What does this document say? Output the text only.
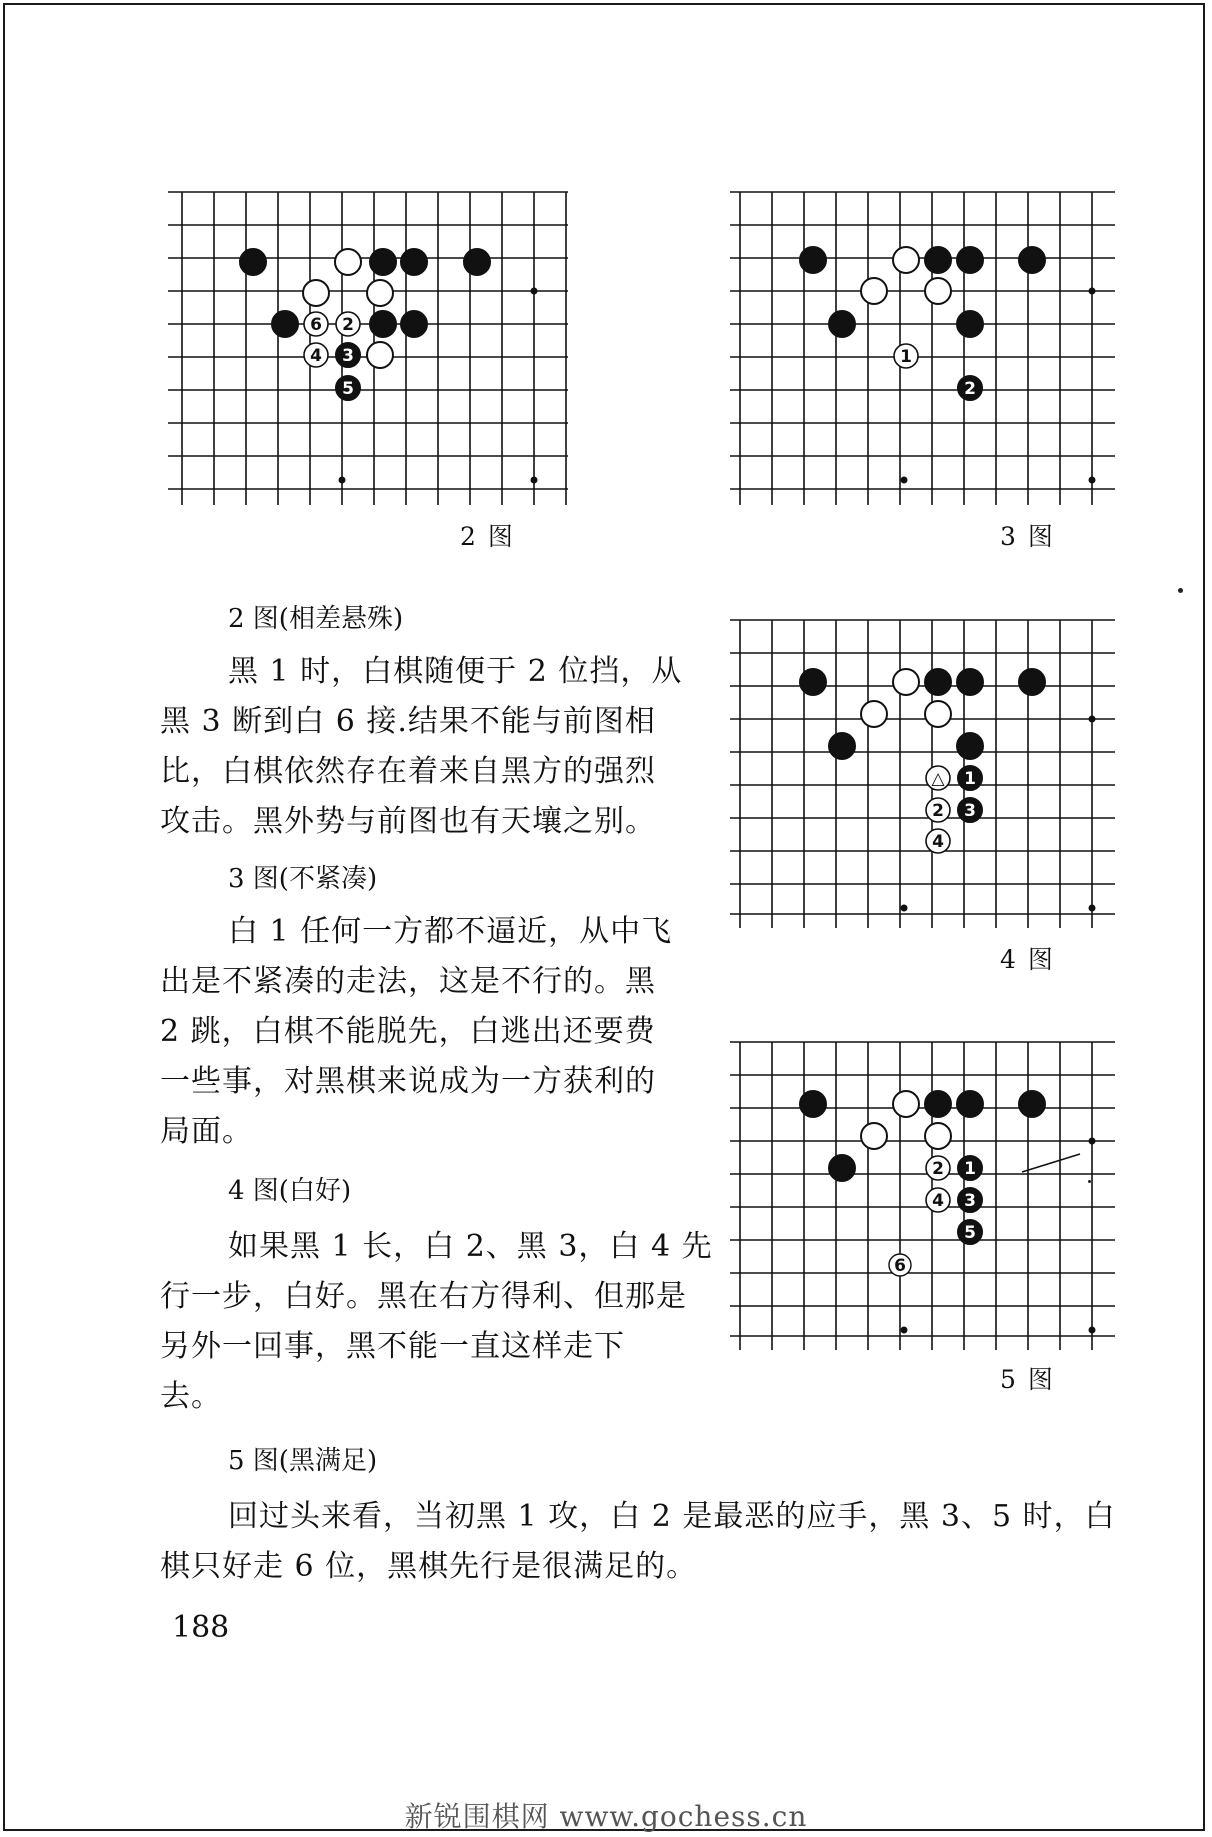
6 2
4 3
5
2 图
1
2
3 图
△ 1
2 3
4
4 图
2 1
4 3
5
6
5 图
2 图(相差悬殊)
黑 1 时，白棋随便于 2 位挡，从
黑 3 断到白 6 接.结果不能与前图相
比，白棋依然存在着来自黑方的强烈
攻击。黑外势与前图也有天壤之别。
3 图(不紧凑)
白 1 任何一方都不逼近，从中飞
出是不紧凑的走法，这是不行的。黑
2 跳，白棋不能脱先，白逃出还要费
一些事，对黑棋来说成为一方获利的
局面。
4 图(白好)
如果黑 1 长，白 2、黑 3，白 4 先
行一步，白好。黑在右方得利、但那是
另外一回事，黑不能一直这样走下
去。
5 图(黑满足)
回过头来看，当初黑 1 攻，白 2 是最恶的应手，黑 3、5 时，白
棋只好走 6 位，黑棋先行是很满足的。
188
新锐围棋网 www.gochess.cn
